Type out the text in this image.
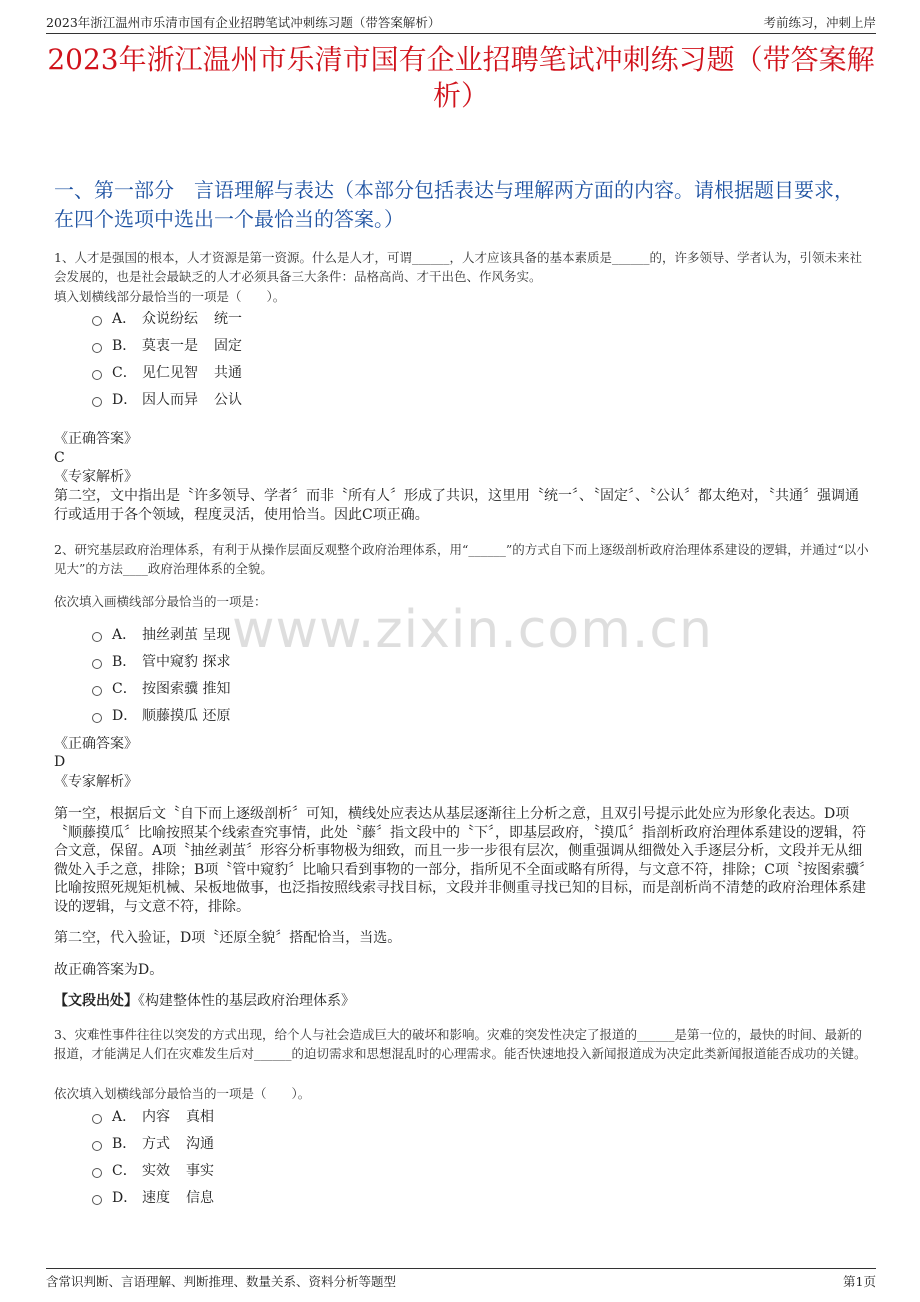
2023年浙江温州市乐清市国有企业招聘笔试冲刺练习题（带答案解析）	考前练习，冲刺上岸
2023年浙江温州市乐清市国有企业招聘笔试冲刺练习题（带答案解析）
一、第一部分　言语理解与表达（本部分包括表达与理解两方面的内容。请根据题目要求，在四个选项中选出一个最恰当的答案。）
www.zixin.com.cn
1、人才是强国的根本，人才资源是第一资源。什么是人才，可谓______，人才应该具备的基本素质是______的，许多领导、学者认为，引领未来社会发展的，也是社会最缺乏的人才必须具备三大条件：品格高尚、才干出色、作风务实。
填入划横线部分最恰当的一项是（　　）。
A． 众说纷纭 统一
B． 莫衷一是 固定
C． 见仁见智 共通
D． 因人而异 公认
《正确答案》
C
《专家解析》
第二空，文中指出是〝许多领导、学者〞而非〝所有人〞形成了共识，这里用〝统一〞、〝固定〞、〝公认〞都太绝对，〝共通〞强调通行或适用于各个领域，程度灵活，使用恰当。因此C项正确。
2、研究基层政府治理体系，有利于从操作层面反观整个政府治理体系，用“______”的方式自下而上逐级剖析政府治理体系建设的逻辑，并通过“以小见大”的方法____政府治理体系的全貌。
依次填入画横线部分最恰当的一项是：
A． 抽丝剥茧 呈现
B． 管中窥豹 探求
C． 按图索骥 推知
D． 顺藤摸瓜 还原
《正确答案》
D
《专家解析》
第一空，根据后文〝自下而上逐级剖析〞可知，横线处应表达从基层逐渐往上分析之意，且双引号提示此处应为形象化表达。D项〝顺藤摸瓜〞比喻按照某个线索查究事情，此处〝藤〞指文段中的〝下〞，即基层政府，〝摸瓜〞指剖析政府治理体系建设的逻辑，符合文意，保留。A项〝抽丝剥茧〞形容分析事物极为细致，而且一步一步很有层次，侧重强调从细微处入手逐层分析，文段并无从细微处入手之意，排除；B项〝管中窥豹〞比喻只看到事物的一部分，指所见不全面或略有所得，与文意不符，排除；C项〝按图索骥〞比喻按照死规矩机械、呆板地做事，也泛指按照线索寻找目标，文段并非侧重寻找已知的目标，而是剖析尚不清楚的政府治理体系建设的逻辑，与文意不符，排除。
第二空，代入验证，D项〝还原全貌〞搭配恰当，当选。
故正确答案为D。
【文段出处】《构建整体性的基层政府治理体系》
3、灾难性事件往往以突发的方式出现，给个人与社会造成巨大的破坏和影响。灾难的突发性决定了报道的______是第一位的，最快的时间、最新的报道，才能满足人们在灾难发生后对______的迫切需求和思想混乱时的心理需求。能否快速地投入新闻报道成为决定此类新闻报道能否成功的关键。
依次填入划横线部分最恰当的一项是（　　）。
A． 内容 真相
B． 方式 沟通
C． 实效 事实
D． 速度 信息
含常识判断、言语理解、判断推理、数量关系、资料分析等题型	第1页
